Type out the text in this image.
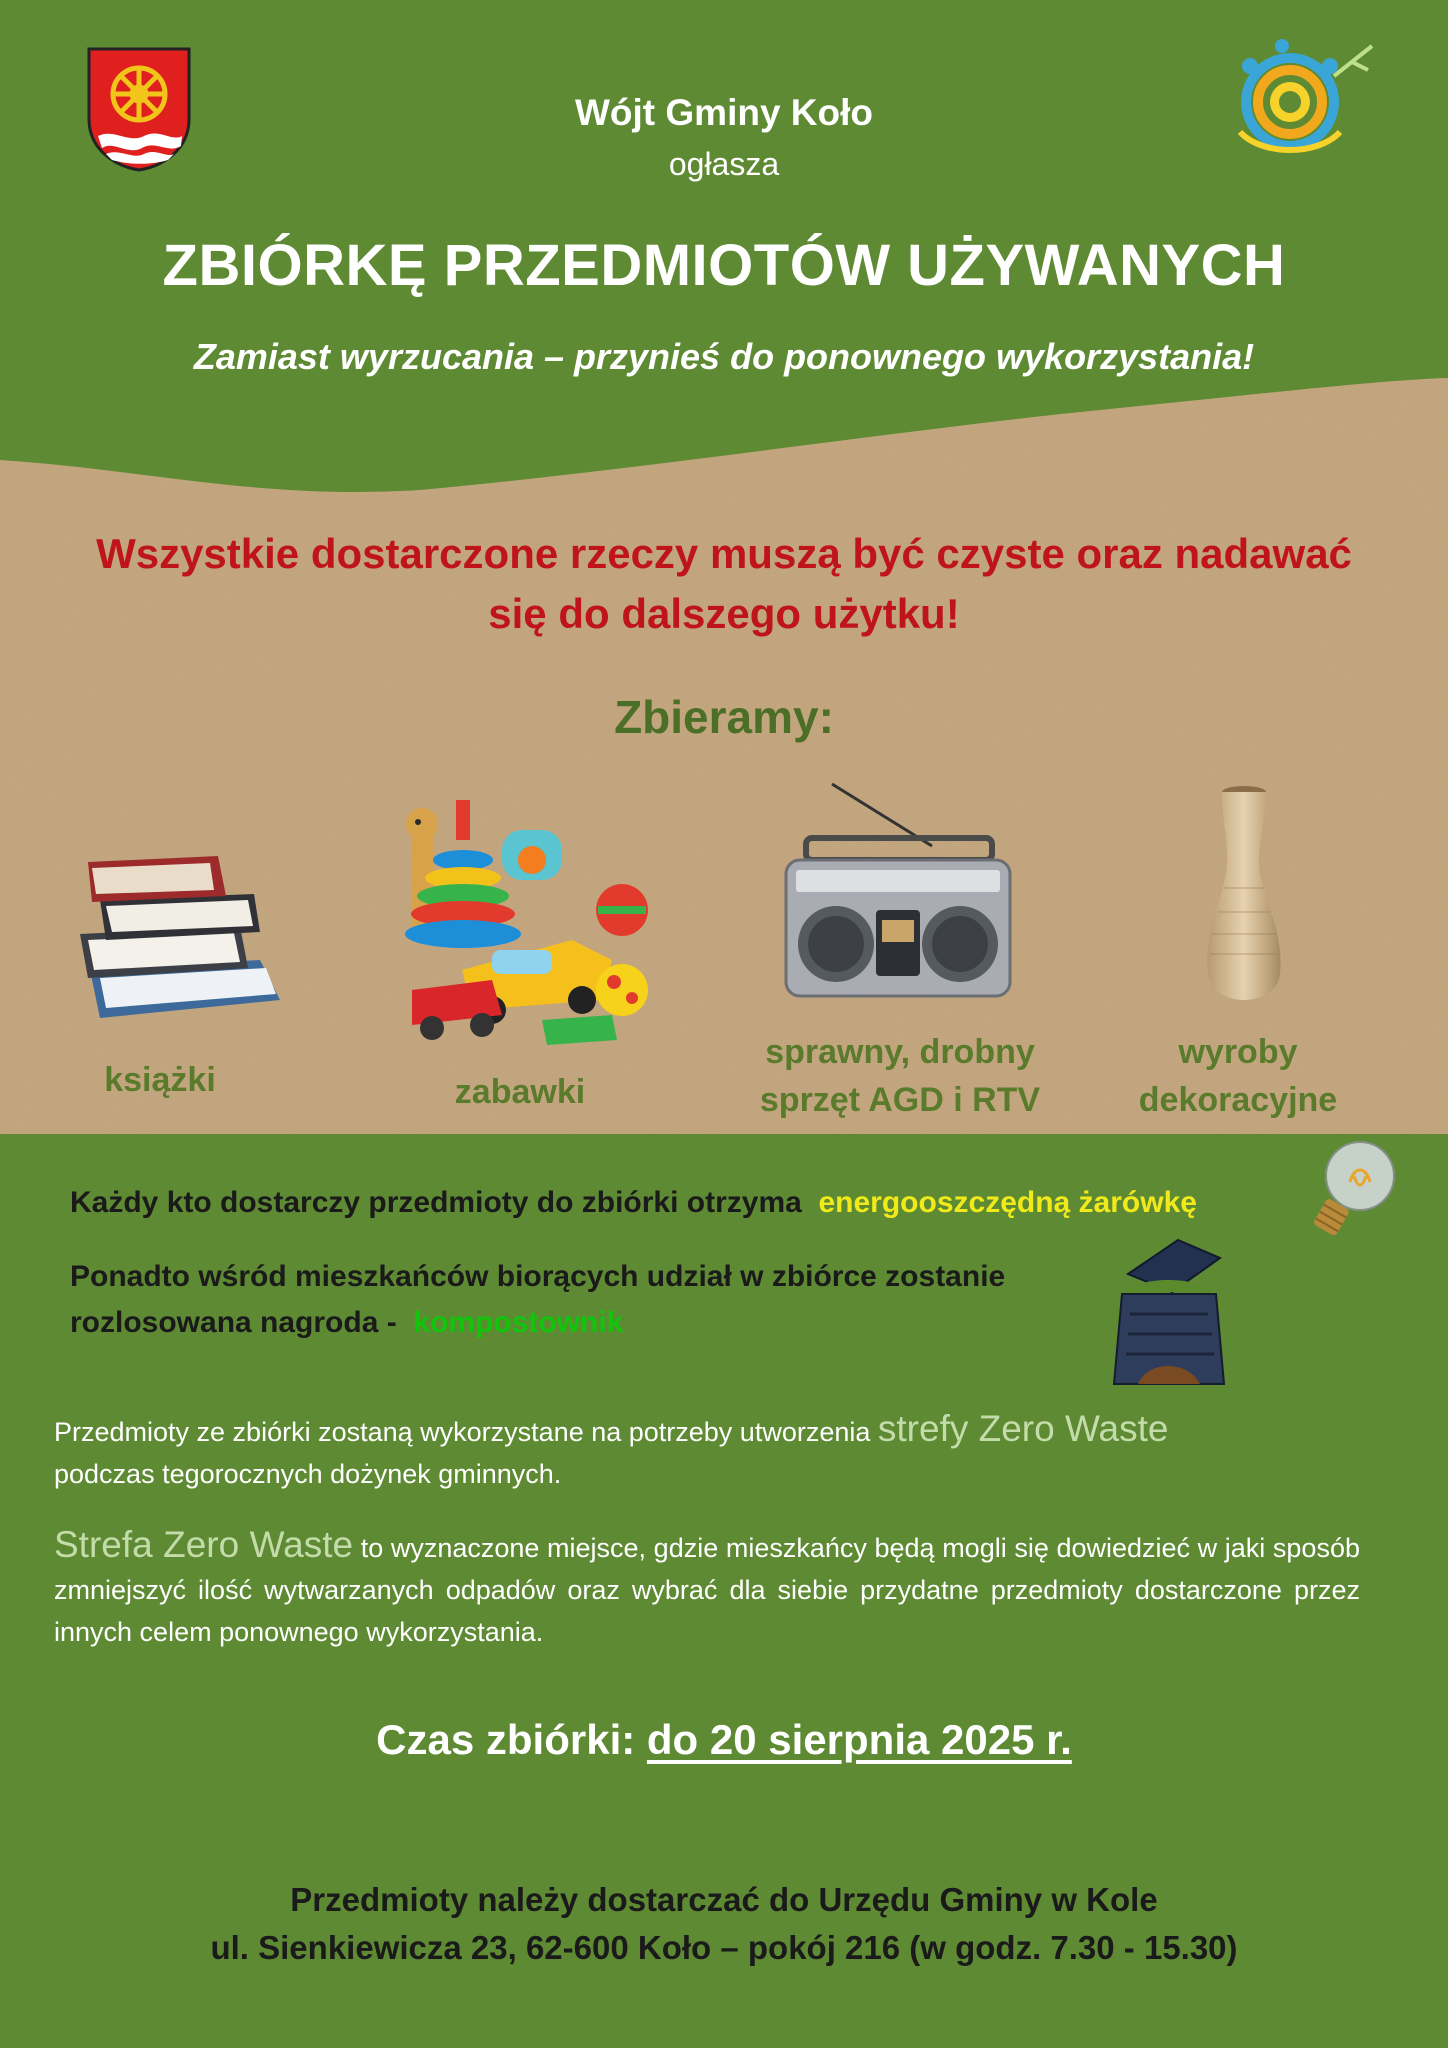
Wójt Gminy Koło
ogłasza
ZBIÓRKĘ PRZEDMIOTÓW UŻYWANYCH
Zamiast wyrzucania – przynieś do ponownego wykorzystania!
Wszystkie dostarczone rzeczy muszą być czyste oraz nadawać
się do dalszego użytku!
Zbieramy:
książki	zabawki
sprawny, drobny
sprzęt AGD i RTV
wyroby
dekoracyjne
Każdy kto dostarczy przedmioty do zbiórki otrzyma energooszczędną żarówkę
Ponadto wśród mieszkańców biorących udział w zbiórce zostanie
rozlosowana nagroda - kompostownik
Przedmioty ze zbiórki zostaną wykorzystane na potrzeby utworzenia strefy Zero Waste
podczas tegorocznych dożynek gminnych.
Strefa Zero Waste to wyznaczone miejsce, gdzie mieszkańcy będą mogli się dowiedzieć w jaki sposób zmniejszyć ilość wytwarzanych odpadów oraz wybrać dla siebie przydatne przedmioty dostarczone przez innych celem ponownego wykorzystania.
Czas zbiórki: do 20 sierpnia 2025 r.
Przedmioty należy dostarczać do Urzędu Gminy w Kole
ul. Sienkiewicza 23, 62-600 Koło – pokój 216 (w godz. 7.30 - 15.30)
